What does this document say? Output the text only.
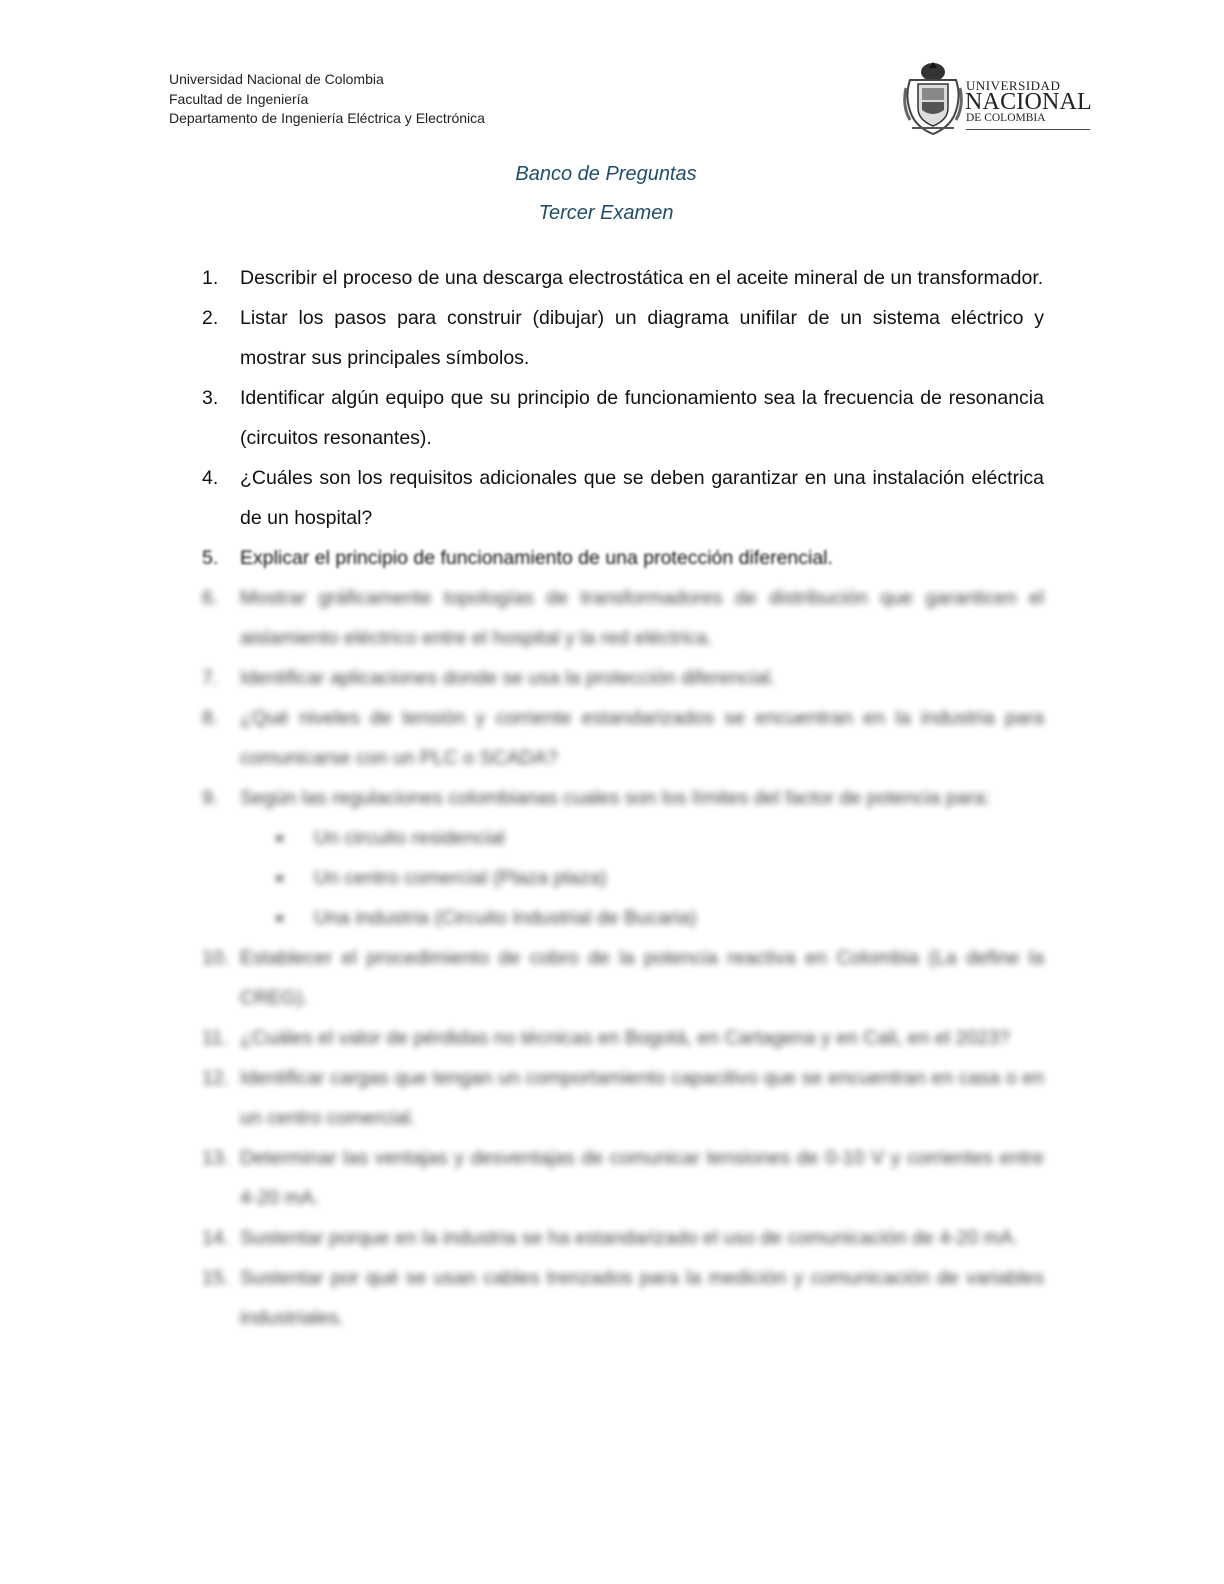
Universidad Nacional de Colombia
Facultad de Ingeniería
Departamento de Ingeniería Eléctrica y Electrónica
UNIVERSIDAD
NACIONAL
DE COLOMBIA
Banco de Preguntas
Tercer Examen
1.	Describir el proceso de una descarga electrostática en el aceite mineral de un transformador.
2.	Listar los pasos para construir (dibujar) un diagrama unifilar de un sistema eléctrico y mostrar sus principales símbolos.
3.	Identificar algún equipo que su principio de funcionamiento sea la frecuencia de resonancia (circuitos resonantes).
4.	¿Cuáles son los requisitos adicionales que se deben garantizar en una instalación eléctrica de un hospital?
5.	Explicar el principio de funcionamiento de una protección diferencial.
6.	Mostrar gráficamente topologías de transformadores de distribución que garanticen el aislamiento eléctrico entre el hospital y la red eléctrica.
7.	Identificar aplicaciones donde se usa la protección diferencial.
8.	¿Qué niveles de tensión y corriente estandarizados se encuentran en la industria para comunicarse con un PLC o SCADA?
9.	Según las regulaciones colombianas cuales son los límites del factor de potencia para:
■	Un circuito residencial
■	Un centro comercial (Plaza plaza)
■	Una industria (Circuito Industrial de Bucaria)
10. Establecer el procedimiento de cobro de la potencia reactiva en Colombia (La define la CREG).
11. ¿Cuáles el valor de pérdidas no técnicas en Bogotá, en Cartagena y en Cali, en el 2023?
12. Identificar cargas que tengan un comportamiento capacitivo que se encuentran en casa o en un centro comercial.
13. Determinar las ventajas y desventajas de comunicar tensiones de 0-10 V y corrientes entre 4-20 mA.
14. Sustentar porque en la industria se ha estandarizado el uso de comunicación de 4-20 mA.
15. Sustentar por qué se usan cables trenzados para la medición y comunicación de variables industriales.
